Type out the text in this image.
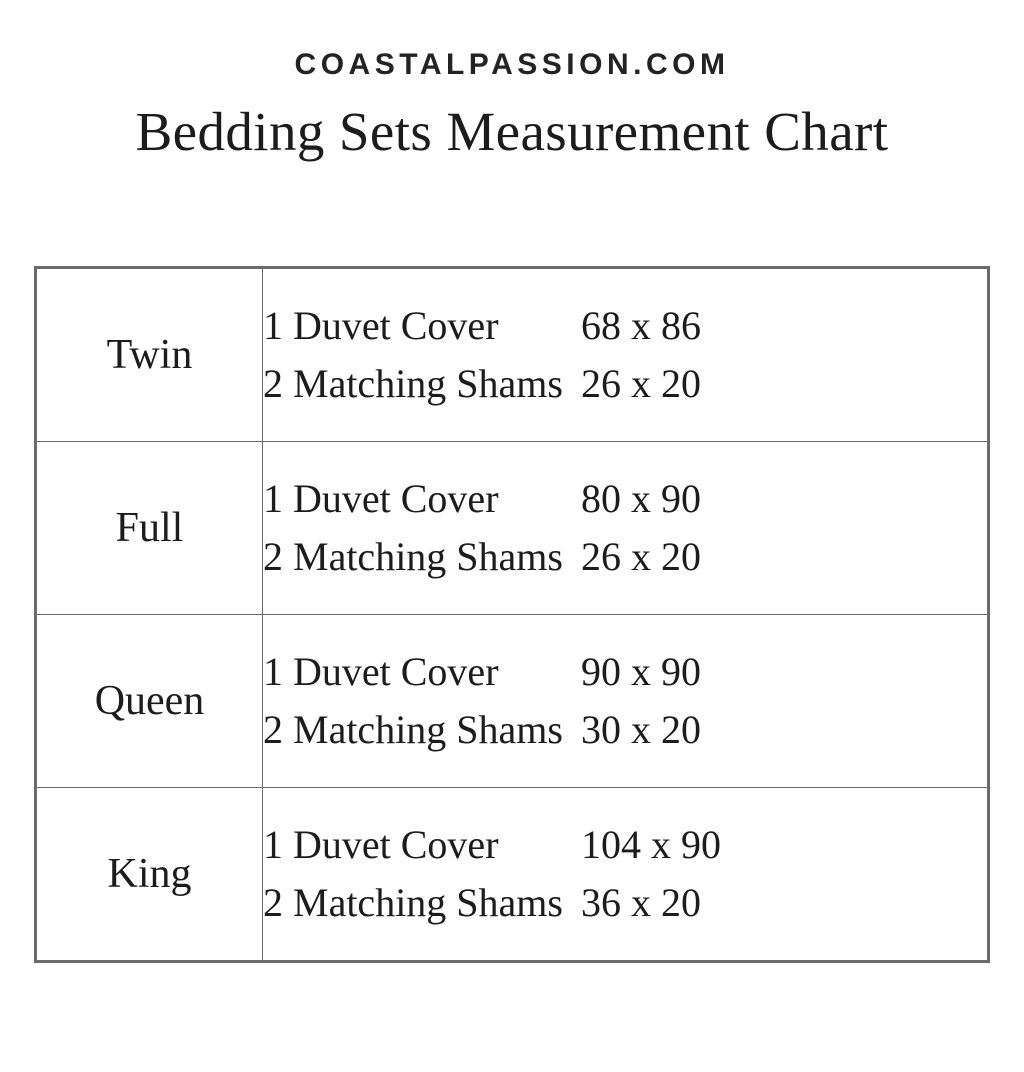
COASTALPASSION.COM
Bedding Sets Measurement Chart
Twin	1 Duvet Cover 68 x 86
2 Matching Shams 26 x 20

Full	1 Duvet Cover 80 x 90
2 Matching Shams 26 x 20

Queen	1 Duvet Cover 90 x 90
2 Matching Shams 30 x 20

King	1 Duvet Cover 104 x 90
2 Matching Shams 36 x 20
